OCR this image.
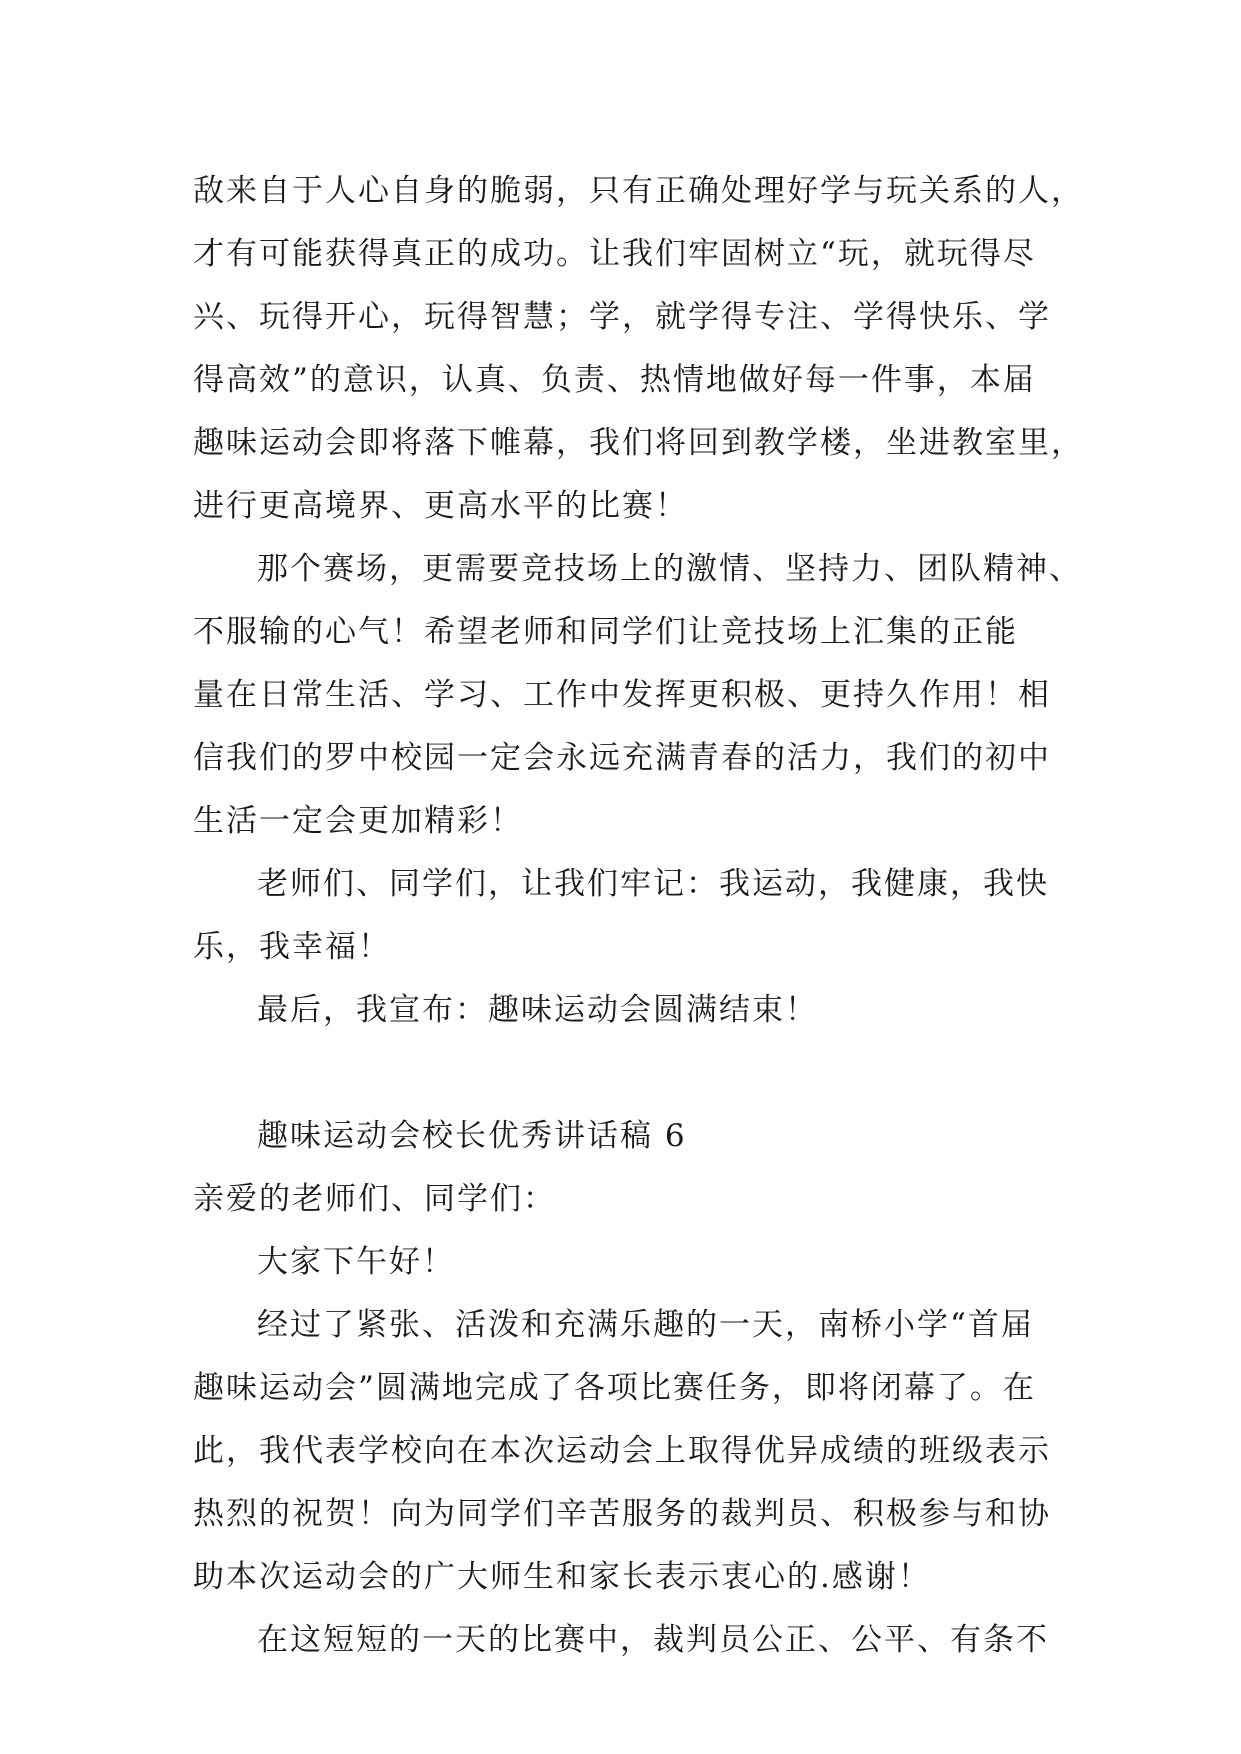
敌来自于人心自身的脆弱，只有正确处理好学与玩关系的人，
才有可能获得真正的成功。让我们牢固树立“玩，就玩得尽
兴、玩得开心，玩得智慧；学，就学得专注、学得快乐、学
得高效”的意识，认真、负责、热情地做好每一件事，本届
趣味运动会即将落下帷幕，我们将回到教学楼，坐进教室里，
进行更高境界、更高水平的比赛！
那个赛场，更需要竞技场上的激情、坚持力、团队精神、
不服输的心气！希望老师和同学们让竞技场上汇集的正能
量在日常生活、学习、工作中发挥更积极、更持久作用！相
信我们的罗中校园一定会永远充满青春的活力，我们的初中
生活一定会更加精彩！
老师们、同学们，让我们牢记：我运动，我健康，我快
乐，我幸福！
最后，我宣布：趣味运动会圆满结束！
趣味运动会校长优秀讲话稿 6
亲爱的老师们、同学们：
大家下午好！
经过了紧张、活泼和充满乐趣的一天，南桥小学“首届
趣味运动会”圆满地完成了各项比赛任务，即将闭幕了。在
此，我代表学校向在本次运动会上取得优异成绩的班级表示
热烈的祝贺！向为同学们辛苦服务的裁判员、积极参与和协
助本次运动会的广大师生和家长表示衷心的.感谢！
在这短短的一天的比赛中，裁判员公正、公平、有条不
